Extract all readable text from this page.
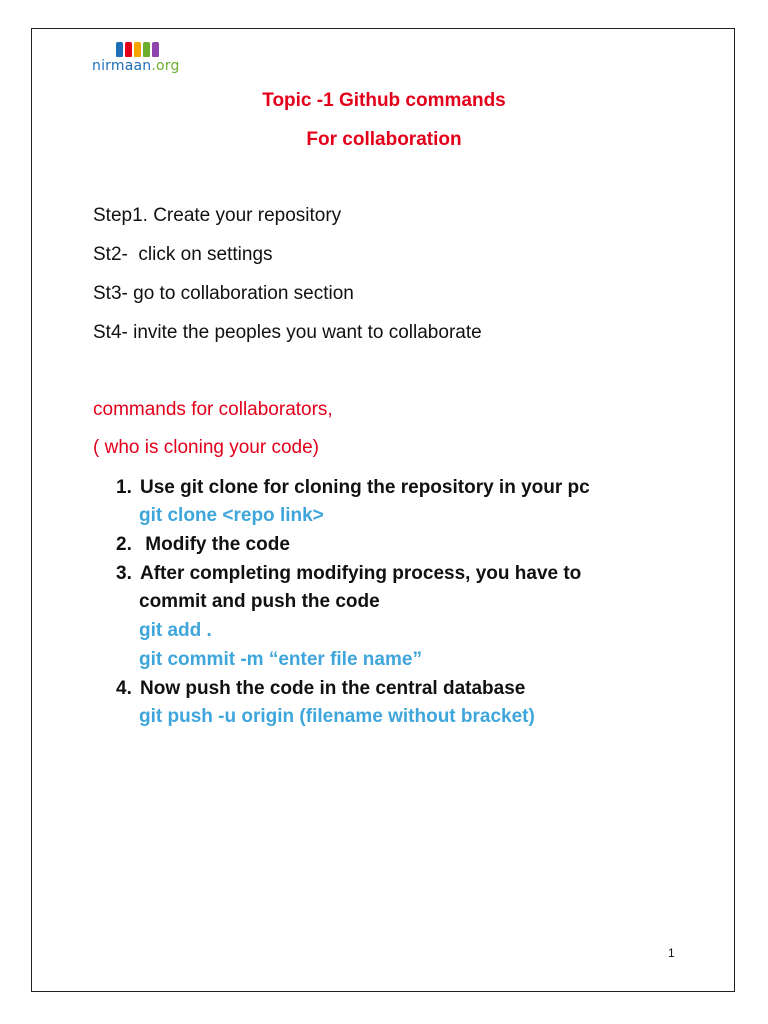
nirmaan.org
Topic -1 Github commands
For collaboration
Step1. Create your repository
St2-  click on settings
St3- go to collaboration section
St4- invite the peoples you want to collaborate
commands for collaborators,
( who is cloning your code)
1. Use git clone for cloning the repository in your pc
git clone <repo link>
2. Modify the code
3. After completing modifying process, you have to
commit and push the code
git add .
git commit -m “enter file name”
4. Now push the code in the central database
git push -u origin (filename without bracket)
1
